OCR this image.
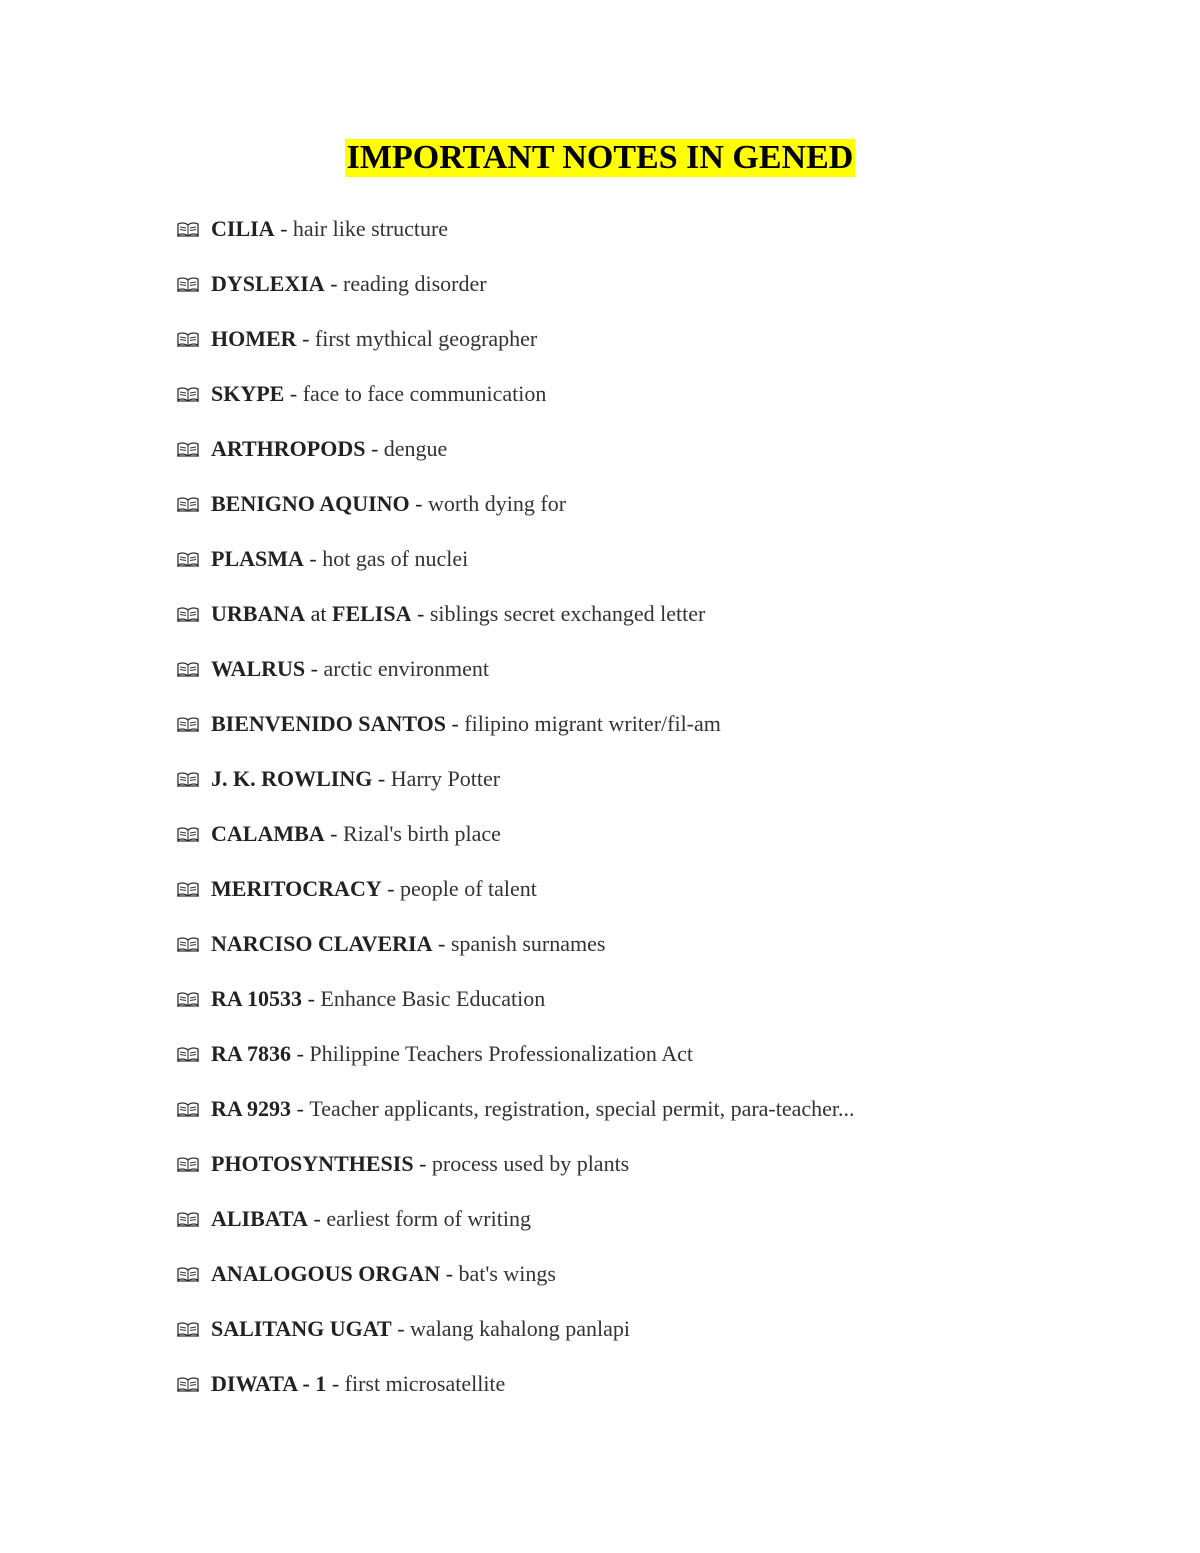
IMPORTANT NOTES IN GENED
CILIA - hair like structure
DYSLEXIA - reading disorder
HOMER - first mythical geographer
SKYPE - face to face communication
ARTHROPODS - dengue
BENIGNO AQUINO - worth dying for
PLASMA - hot gas of nuclei
URBANA at FELISA - siblings secret exchanged letter
WALRUS - arctic environment
BIENVENIDO SANTOS - filipino migrant writer/fil-am
J. K. ROWLING - Harry Potter
CALAMBA - Rizal's birth place
MERITOCRACY - people of talent
NARCISO CLAVERIA - spanish surnames
RA 10533 - Enhance Basic Education
RA 7836 - Philippine Teachers Professionalization Act
RA 9293 - Teacher applicants, registration, special permit, para-teacher...
PHOTOSYNTHESIS - process used by plants
ALIBATA - earliest form of writing
ANALOGOUS ORGAN - bat's wings
SALITANG UGAT - walang kahalong panlapi
DIWATA - 1 - first microsatellite
